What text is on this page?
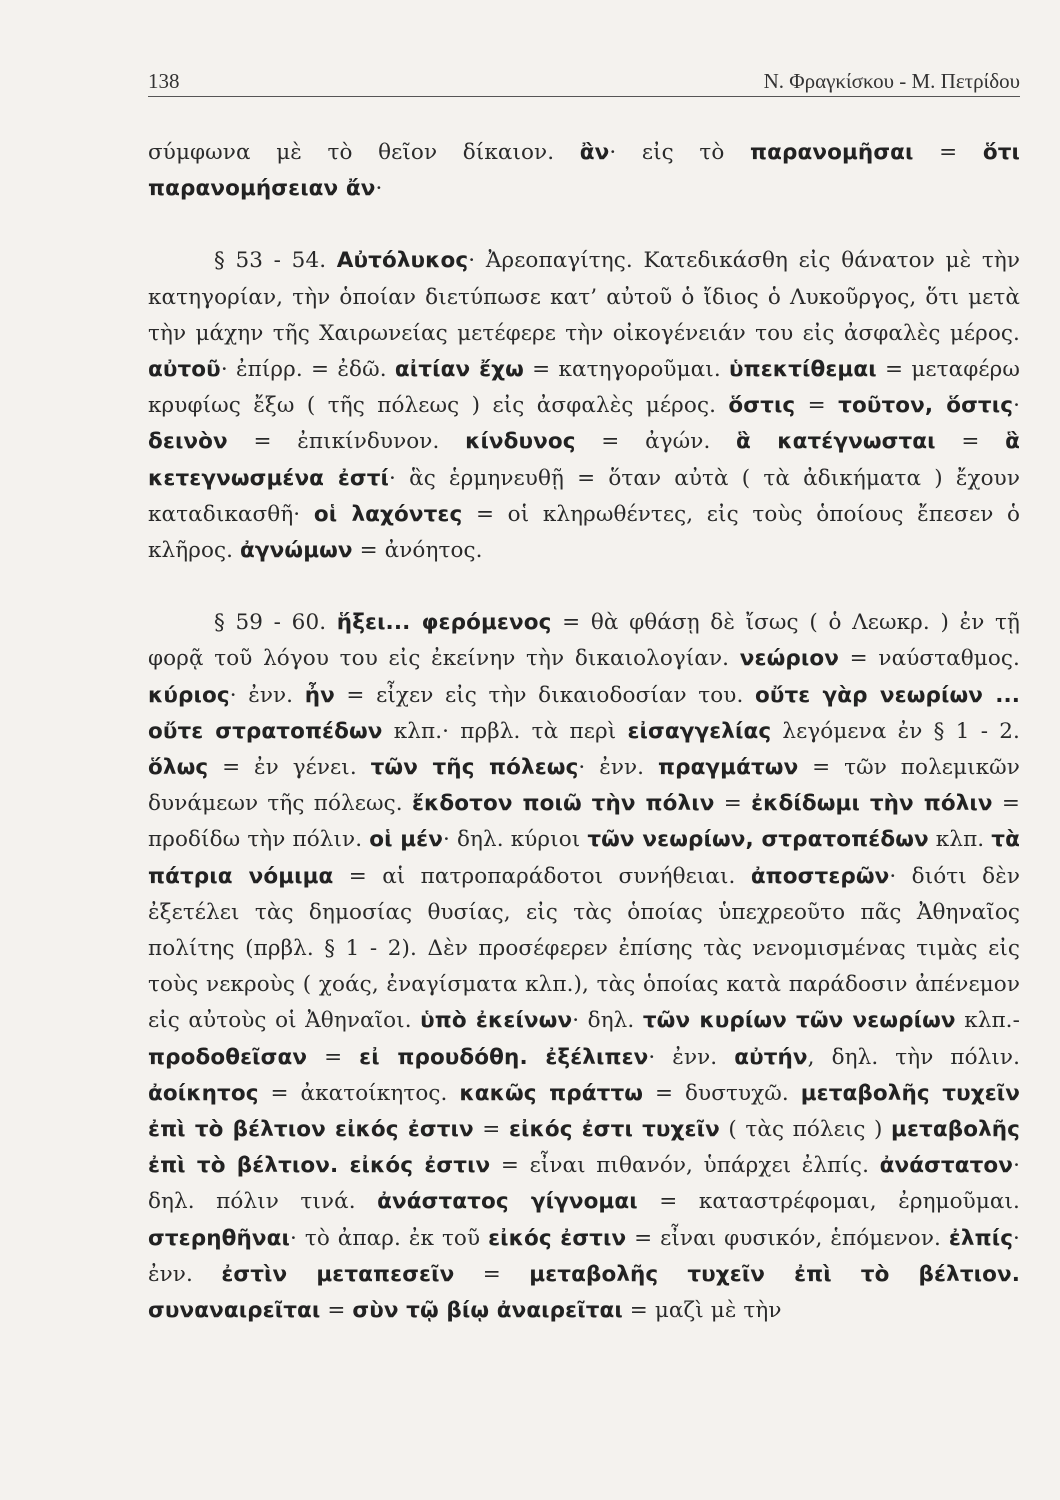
138	Ν. Φραγκίσκου - Μ. Πετρίδου

σύμφωνα μὲ τὸ θεῖον δίκαιον. ἂν· εἰς τὸ παρανομῆσαι = ὅτι παρανομήσειαν ἄν·

§ 53 - 54. Αὐτόλυκος· Ἀρεοπαγίτης. Κατεδικάσθη εἰς θάνατον μὲ τὴν κατηγορίαν, τὴν ὁποίαν διετύπωσε κατ’ αὐτοῦ ὁ ἴδιος ὁ Λυκοῦργος, ὅτι μετὰ τὴν μάχην τῆς Χαιρωνείας μετέφερε τὴν οἰκογένειάν του εἰς ἀσφαλὲς μέρος. αὐτοῦ· ἐπίρρ. = ἐδῶ. αἰτίαν ἔχω = κατηγοροῦμαι. ὑπεκτίθεμαι = μεταφέρω κρυφίως ἔξω ( τῆς πόλεως ) εἰς ἀσφαλὲς μέρος. ὅστις = τοῦτον, ὅστις· δεινὸν = ἐπικίνδυνον. κίνδυνος = ἀγών. ἃ κατέγνωσται = ἃ κετεγνωσμένα ἐστί· ἃς ἑρμηνευθῇ = ὅταν αὐτὰ ( τὰ ἀδικήματα ) ἔχουν καταδικασθῆ· οἱ λαχόντες = οἱ κληρωθέντες, εἰς τοὺς ὁποίους ἔπεσεν ὁ κλῆρος. ἀγνώμων = ἀνόητος.

§ 59 - 60. ἥξει... φερόμενος = θὰ φθάσῃ δὲ ἴσως ( ὁ Λεωκρ. ) ἐν τῇ φορᾷ τοῦ λόγου του εἰς ἐκείνην τὴν δικαιολογίαν. νεώριον = ναύσταθμος. κύριος· ἐνν. ἦν = εἶχεν εἰς τὴν δικαιοδοσίαν του. οὔτε γὰρ νεωρίων ... οὔτε στρατοπέδων κλπ.· πρβλ. τὰ περὶ εἰσαγγελίας λεγόμενα ἐν § 1 - 2. ὅλως = ἐν γένει. τῶν τῆς πόλεως· ἐνν. πραγμάτων = τῶν πολεμικῶν δυνάμεων τῆς πόλεως. ἔκδοτον ποιῶ τὴν πόλιν = ἐκδίδωμι τὴν πόλιν = προδίδω τὴν πόλιν. οἱ μέν· δηλ. κύριοι τῶν νεωρίων, στρατοπέδων κλπ. τὰ πάτρια νόμιμα = αἱ πατροπαράδοτοι συνήθειαι. ἀποστερῶν· διότι δὲν ἐξετέλει τὰς δημοσίας θυσίας, εἰς τὰς ὁποίας ὑπεχρεοῦτο πᾶς Ἀθηναῖος πολίτης (πρβλ. § 1 - 2). Δὲν προσέφερεν ἐπίσης τὰς νενομισμένας τιμὰς εἰς τοὺς νεκροὺς ( χοάς, ἐναγίσματα κλπ.), τὰς ὁποίας κατὰ παράδοσιν ἀπένεμον εἰς αὐτοὺς οἱ Ἀθηναῖοι. ὑπὸ ἐκείνων· δηλ. τῶν κυρίων τῶν νεωρίων κλπ.- προδοθεῖσαν = εἰ προυδόθη. ἐξέλιπεν· ἐνν. αὐτήν, δηλ. τὴν πόλιν. ἀοίκητος = ἀκατοίκητος. κακῶς πράττω = δυστυχῶ. μεταβολῆς τυχεῖν ἐπὶ τὸ βέλτιον εἰκός ἐστιν = εἰκός ἐστι τυχεῖν ( τὰς πόλεις ) μεταβολῆς ἐπὶ τὸ βέλτιον. εἰκός ἐστιν = εἶναι πιθανόν, ὑπάρχει ἐλπίς. ἀνάστατον· δηλ. πόλιν τινά. ἀνάστατος γίγνομαι = καταστρέφομαι, ἐρημοῦμαι. στερηθῆναι· τὸ ἀπαρ. ἐκ τοῦ εἰκός ἐστιν = εἶναι φυσικόν, ἑπόμενον. ἐλπίς· ἐνν. ἐστὶν μεταπεσεῖν = μεταβολῆς τυχεῖν ἐπὶ τὸ βέλτιον. συναναιρεῖται = σὺν τῷ βίῳ ἀναιρεῖται = μαζὶ μὲ τὴν
